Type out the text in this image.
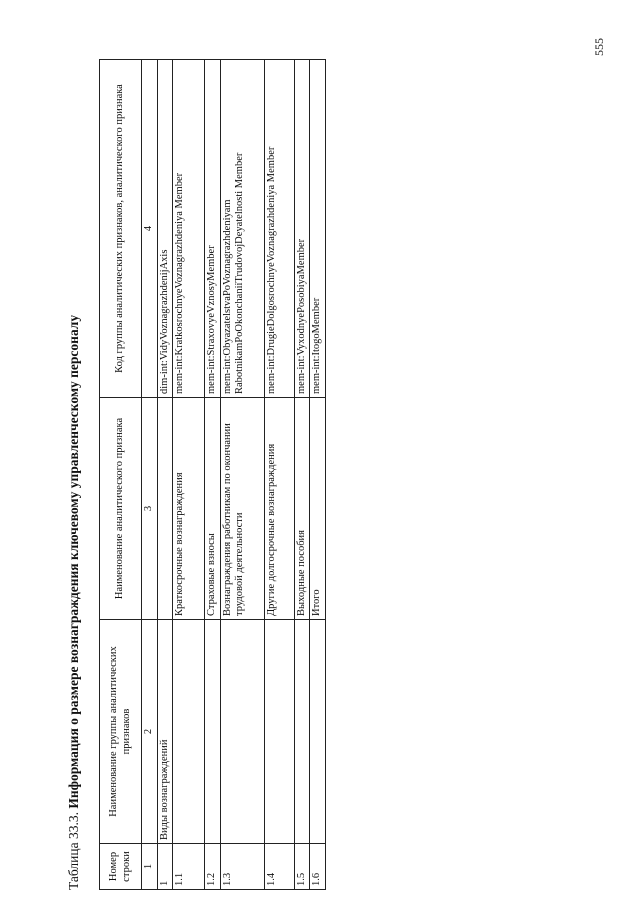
555
Таблица 33.3. Информация о размере вознаграждения ключевому управленческому персоналу
Номер строки	Наименование группы аналитических признаков	Наименование аналитического признака	Код группы аналитических признаков, аналитического признака
1	2	3	4
1	Виды вознаграждений		dim-int:VidyVoznagrazhdenijAxis
1.1		Краткосрочные вознаграждения	mem-int:KratkosrochnyeVoznagrazhdeniya Member
1.2		Страховые взносы	mem-int:StraxovyeVznosyMember
1.3		Вознаграждения работникам по окончании трудовой деятельности	mem-int:ObyazatelstvaPoVoznagrazhdeniyam RabotnikamPoOkonchaniiTrudovojDeyatelnosti Member
1.4		Другие долгосрочные вознаграждения	mem-int:DrugieDolgosrochnyeVoznagrazhdeniya Member
1.5		Выходные пособия	mem-int:VyxodnyePosobiyaMember
1.6		Итого	mem-int:ItogoMember
